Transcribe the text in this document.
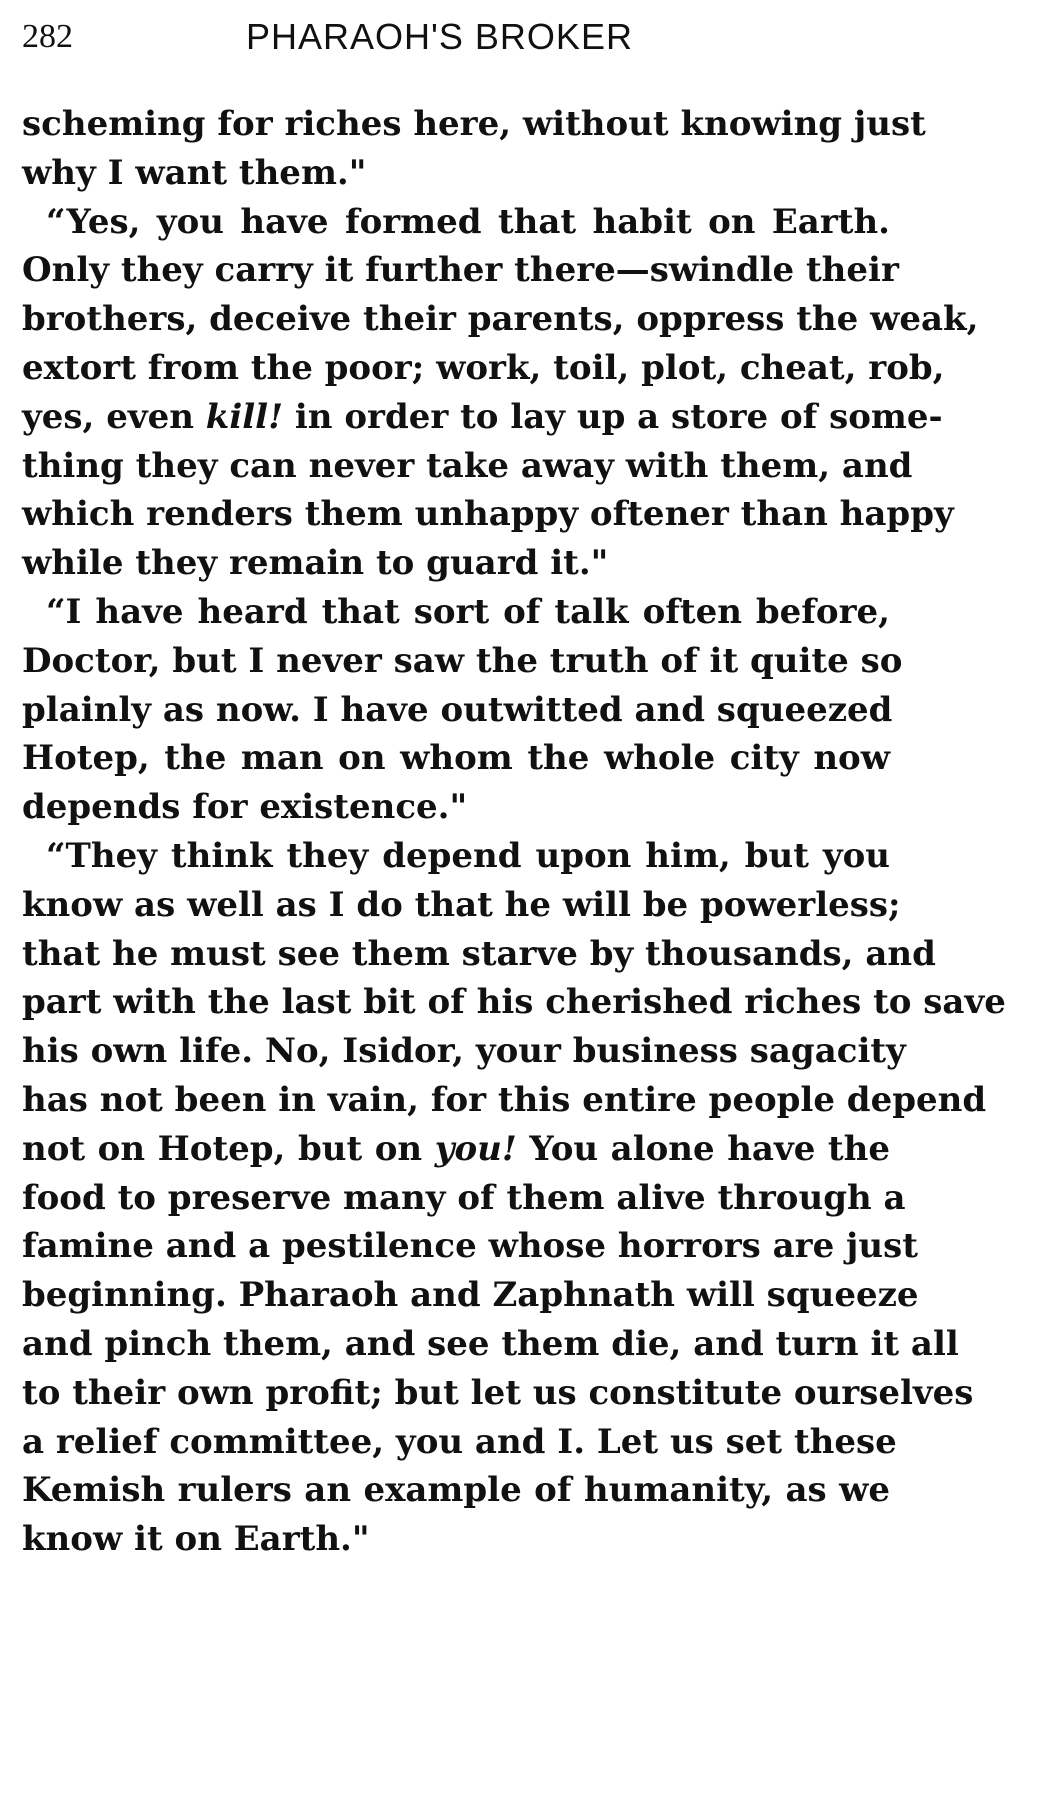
282	PHARAOH'S BROKER
scheming for riches here, without knowing just
why I want them."
“Yes, you have formed that habit on Earth.
Only they carry it further there—swindle their
brothers, deceive their parents, oppress the weak,
extort from the poor; work, toil, plot, cheat, rob,
yes, even kill! in order to lay up a store of some-
thing they can never take away with them, and
which renders them unhappy oftener than happy
while they remain to guard it."
“I have heard that sort of talk often before,
Doctor, but I never saw the truth of it quite so
plainly as now. I have outwitted and squeezed
Hotep, the man on whom the whole city now
depends for existence."
“They think they depend upon him, but you
know as well as I do that he will be powerless;
that he must see them starve by thousands, and
part with the last bit of his cherished riches to save
his own life. No, Isidor, your business sagacity
has not been in vain, for this entire people depend
not on Hotep, but on you! You alone have the
food to preserve many of them alive through a
famine and a pestilence whose horrors are just
beginning. Pharaoh and Zaphnath will squeeze
and pinch them, and see them die, and turn it all
to their own profit; but let us constitute ourselves
a relief committee, you and I. Let us set these
Kemish rulers an example of humanity, as we
know it on Earth."
